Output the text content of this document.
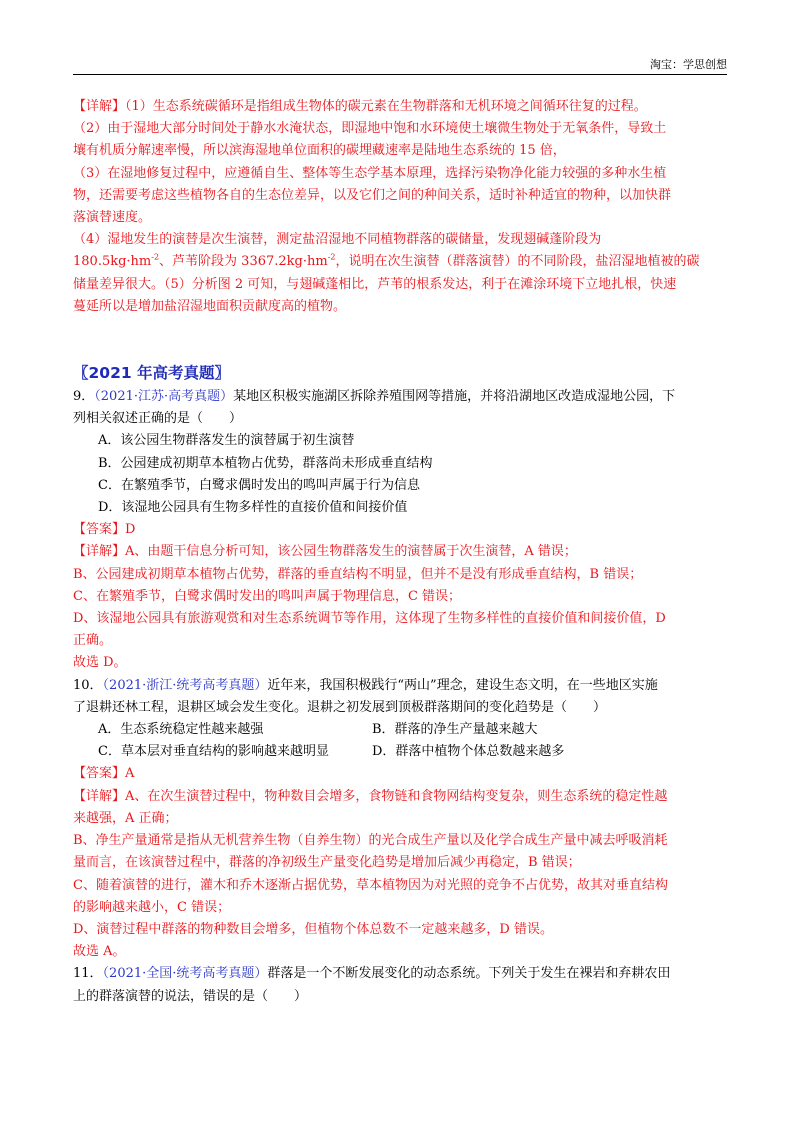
淘宝：学思创想
【详解】（1）生态系统碳循环是指组成生物体的碳元素在生物群落和无机环境之间循环往复的过程。
（2）由于湿地大部分时间处于静水水淹状态，即湿地中饱和水环境使土壤微生物处于无氧条件，导致土
壤有机质分解速率慢，所以滨海湿地单位面积的碳埋藏速率是陆地生态系统的 15 倍，
（3）在湿地修复过程中，应遵循自生、整体等生态学基本原理，选择污染物净化能力较强的多种水生植
物，还需要考虑这些植物各自的生态位差异，以及它们之间的种间关系，适时补种适宜的物种，以加快群
落演替速度。
（4）湿地发生的演替是次生演替，测定盐沼湿地不同植物群落的碳储量，发现翅碱蓬阶段为
$180.5kg\cdot hm^{-2}$、芦苇阶段为 $3367.2kg\cdot hm^{-2}$，说明在次生演替（群落演替）的不同阶段，盐沼湿地植被的碳
储量差异很大。（5）分析图 2 可知，与翅碱蓬相比，芦苇的根系发达，利于在滩涂环境下立地扎根，快速
蔓延所以是增加盐沼湿地面积贡献度高的植物。
〖2021 年高考真题〗
9．（2021·江苏·高考真题）某地区积极实施湖区拆除养殖围网等措施，并将沿湖地区改造成湿地公园，下
列相关叙述正确的是（　　）
A．该公园生物群落发生的演替属于初生演替
B．公园建成初期草本植物占优势，群落尚未形成垂直结构
C．在繁殖季节，白鹭求偶时发出的鸣叫声属于行为信息
D．该湿地公园具有生物多样性的直接价值和间接价值
【答案】D
【详解】A、由题干信息分析可知，该公园生物群落发生的演替属于次生演替，A 错误；
B、公园建成初期草本植物占优势，群落的垂直结构不明显，但并不是没有形成垂直结构，B 错误；
C、在繁殖季节，白鹭求偶时发出的鸣叫声属于物理信息，C 错误；
D、该湿地公园具有旅游观赏和对生态系统调节等作用，这体现了生物多样性的直接价值和间接价值，D
正确。
故选 D。
10．（2021·浙江·统考高考真题）近年来，我国积极践行“两山”理念，建设生态文明，在一些地区实施
了退耕还林工程，退耕区域会发生变化。退耕之初发展到顶极群落期间的变化趋势是（　　）
A．生态系统稳定性越来越强	B．群落的净生产量越来越大
C．草本层对垂直结构的影响越来越明显	D．群落中植物个体总数越来越多
【答案】A
【详解】A、在次生演替过程中，物种数目会增多，食物链和食物网结构变复杂，则生态系统的稳定性越
来越强，A 正确；
B、净生产量通常是指从无机营养生物（自养生物）的光合成生产量以及化学合成生产量中减去呼吸消耗
量而言，在该演替过程中，群落的净初级生产量变化趋势是增加后减少再稳定，B 错误；
C、随着演替的进行，灌木和乔木逐渐占据优势，草本植物因为对光照的竞争不占优势，故其对垂直结构
的影响越来越小，C 错误；
D、演替过程中群落的物种数目会增多，但植物个体总数不一定越来越多，D 错误。
故选 A。
11．（2021·全国·统考高考真题）群落是一个不断发展变化的动态系统。下列关于发生在裸岩和弃耕农田
上的群落演替的说法，错误的是（　　）
